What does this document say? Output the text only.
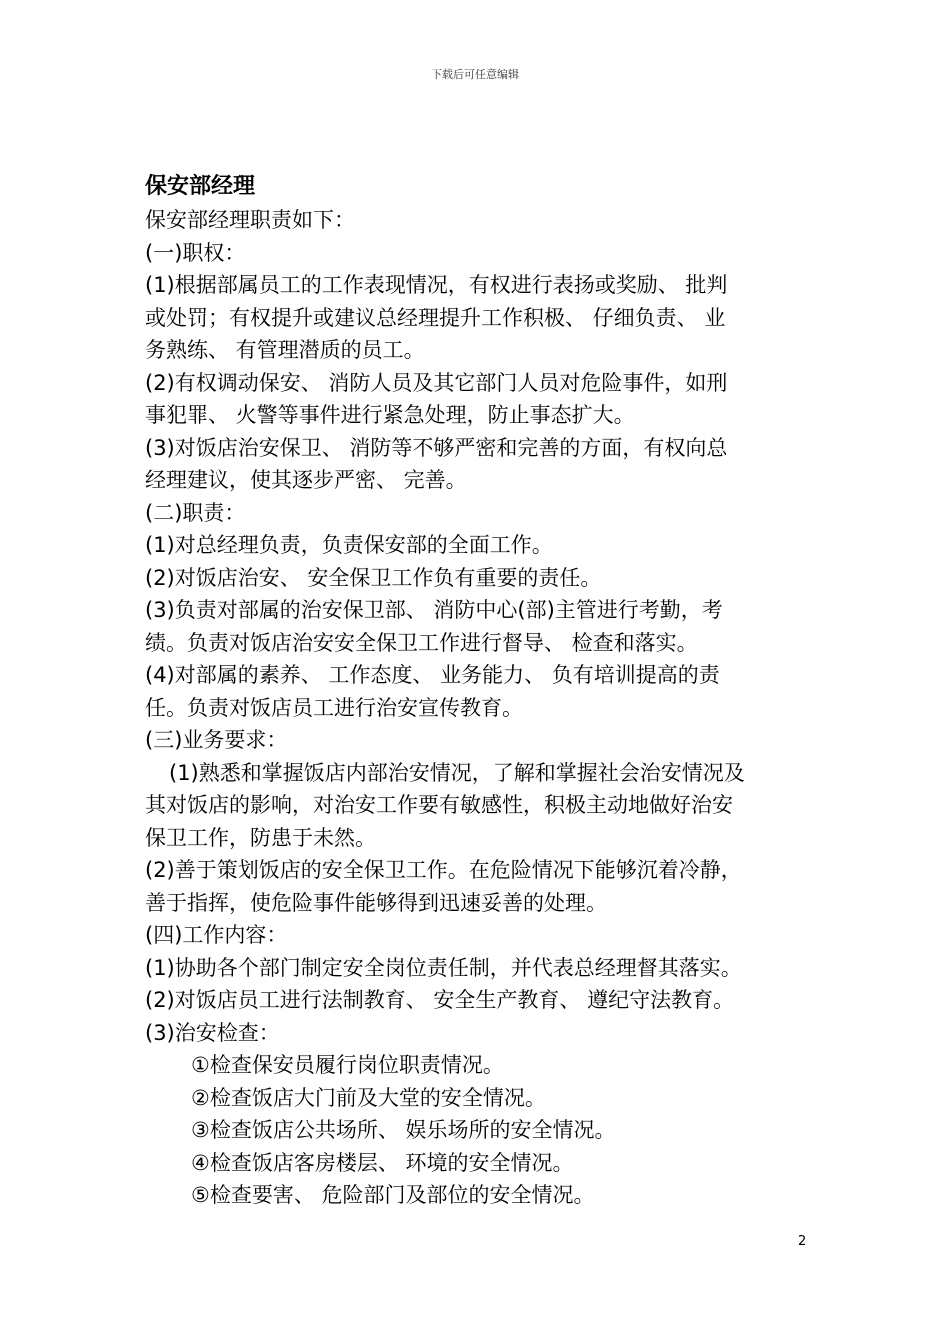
下载后可任意编辑
保安部经理
保安部经理职责如下：
(一)职权：
(1)根据部属员工的工作表现情况，有权进行表扬或奖励、 批判
或处罚；有权提升或建议总经理提升工作积极、 仔细负责、 业
务熟练、 有管理潜质的员工。
(2)有权调动保安、 消防人员及其它部门人员对危险事件，如刑
事犯罪、 火警等事件进行紧急处理，防止事态扩大。
(3)对饭店治安保卫、 消防等不够严密和完善的方面，有权向总
经理建议，使其逐步严密、 完善。
(二)职责：
(1)对总经理负责，负责保安部的全面工作。
(2)对饭店治安、 安全保卫工作负有重要的责任。
(3)负责对部属的治安保卫部、 消防中心(部)主管进行考勤，考
绩。负责对饭店治安安全保卫工作进行督导、 检查和落实。
(4)对部属的素养、 工作态度、 业务能力、 负有培训提高的责
任。负责对饭店员工进行治安宣传教育。
(三)业务要求：
(1)熟悉和掌握饭店内部治安情况，了解和掌握社会治安情况及
其对饭店的影响，对治安工作要有敏感性，积极主动地做好治安
保卫工作，防患于未然。
(2)善于策划饭店的安全保卫工作。在危险情况下能够沉着冷静，
善于指挥，使危险事件能够得到迅速妥善的处理。
(四)工作内容：
(1)协助各个部门制定安全岗位责任制，并代表总经理督其落实。
(2)对饭店员工进行法制教育、 安全生产教育、 遵纪守法教育。
(3)治安检查：
①检查保安员履行岗位职责情况。
②检查饭店大门前及大堂的安全情况。
③检查饭店公共场所、 娱乐场所的安全情况。
④检查饭店客房楼层、 环境的安全情况。
⑤检查要害、 危险部门及部位的安全情况。
2
